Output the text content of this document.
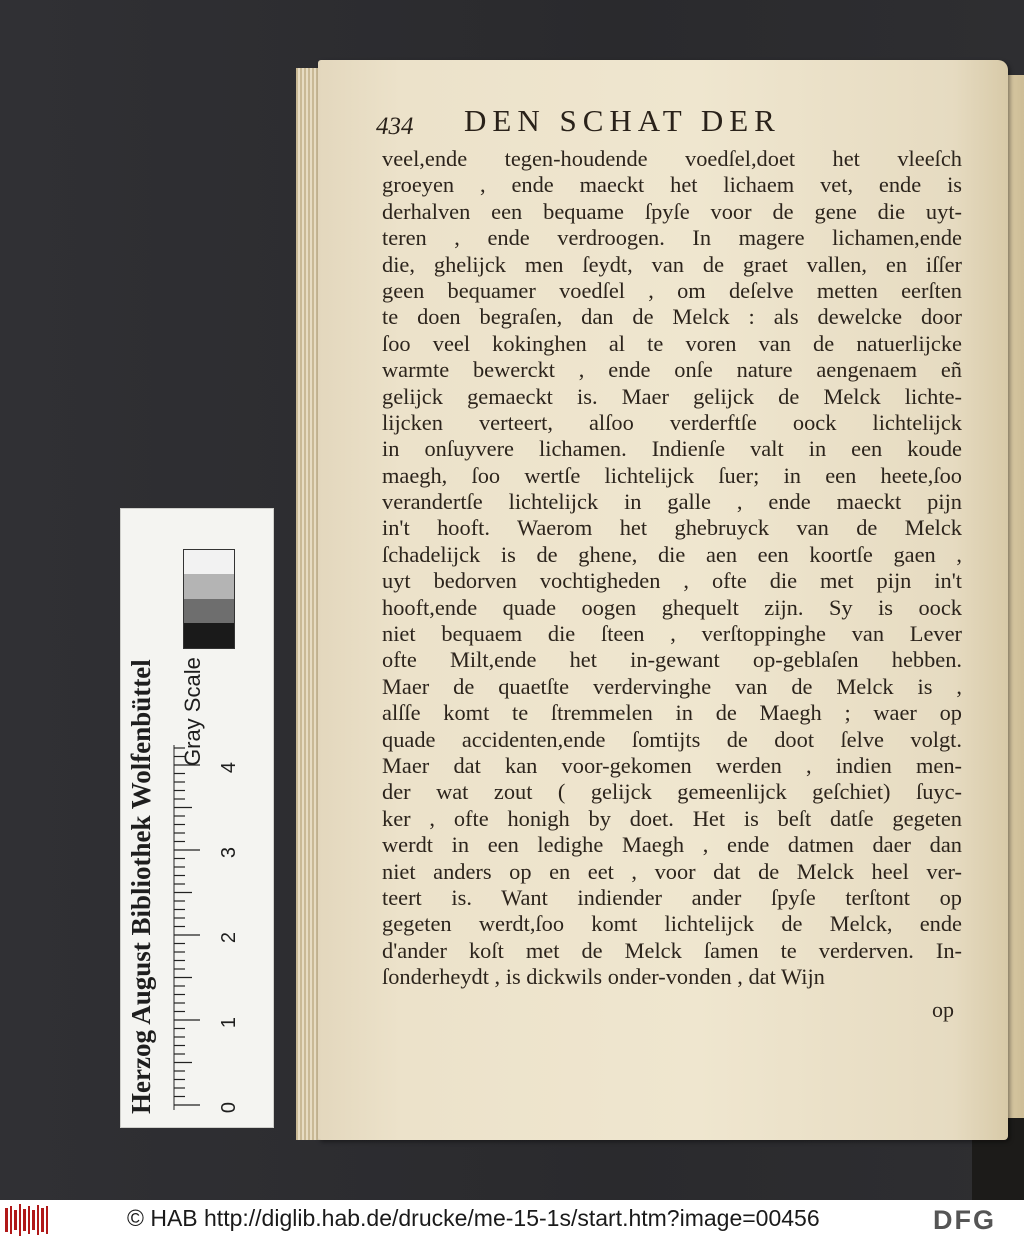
434 DEN SCHAT DER
veel,ende tegen-houdende voedſel,doet het vleeſch
groeyen , ende maeckt het lichaem vet, ende is
derhalven een bequame ſpyſe voor de gene die uyt-
teren , ende verdroogen. In magere lichamen,ende
die, ghelijck men ſeydt, van de graet vallen, en iſſer
geen bequamer voedſel , om deſelve metten eerſten
te doen begraſen, dan de Melck : als dewelcke door
ſoo veel kokinghen al te voren van de natuerlijcke
warmte bewerckt , ende onſe nature aengenaem eñ
gelijck gemaeckt is. Maer gelijck de Melck lichte-
lijcken verteert, alſoo verderftſe oock lichtelijck
in onſuyvere lichamen. Indienſe valt in een koude
maegh, ſoo wertſe lichtelijck ſuer; in een heete,ſoo
verandertſe lichtelijck in galle , ende maeckt pijn
in't hooft. Waerom het ghebruyck van de Melck
ſchadelijck is de ghene, die aen een koortſe gaen ,
uyt bedorven vochtigheden , ofte die met pijn in't
hooft,ende quade oogen ghequelt zijn. Sy is oock
niet bequaem die ſteen , verſtoppinghe van Lever
ofte Milt,ende het in-gewant op-geblaſen hebben.
Maer de quaetſte verdervinghe van de Melck is ,
alſſe komt te ſtremmelen in de Maegh ; waer op
quade accidenten,ende ſomtijts de doot ſelve volgt.
Maer dat kan voor-gekomen werden , indien men-
der wat zout ( gelijck gemeenlijck geſchiet) ſuyc-
ker , ofte honigh by doet. Het is beſt datſe gegeten
werdt in een ledighe Maegh , ende datmen daer dan
niet anders op en eet , voor dat de Melck heel ver-
teert is. Want indiender ander ſpyſe terſtont op
gegeten werdt,ſoo komt lichtelijck de Melck, ende
d'ander koſt met de Melck ſamen te verderven. In-
ſonderheydt , is dickwils onder-vonden , dat Wijn
op
Herzog August Bibliothek Wolfenbüttel	Gray Scale
0
1
2
3
4
© HAB http://diglib.hab.de/drucke/me-15-1s/start.htm?image=00456	DFG
